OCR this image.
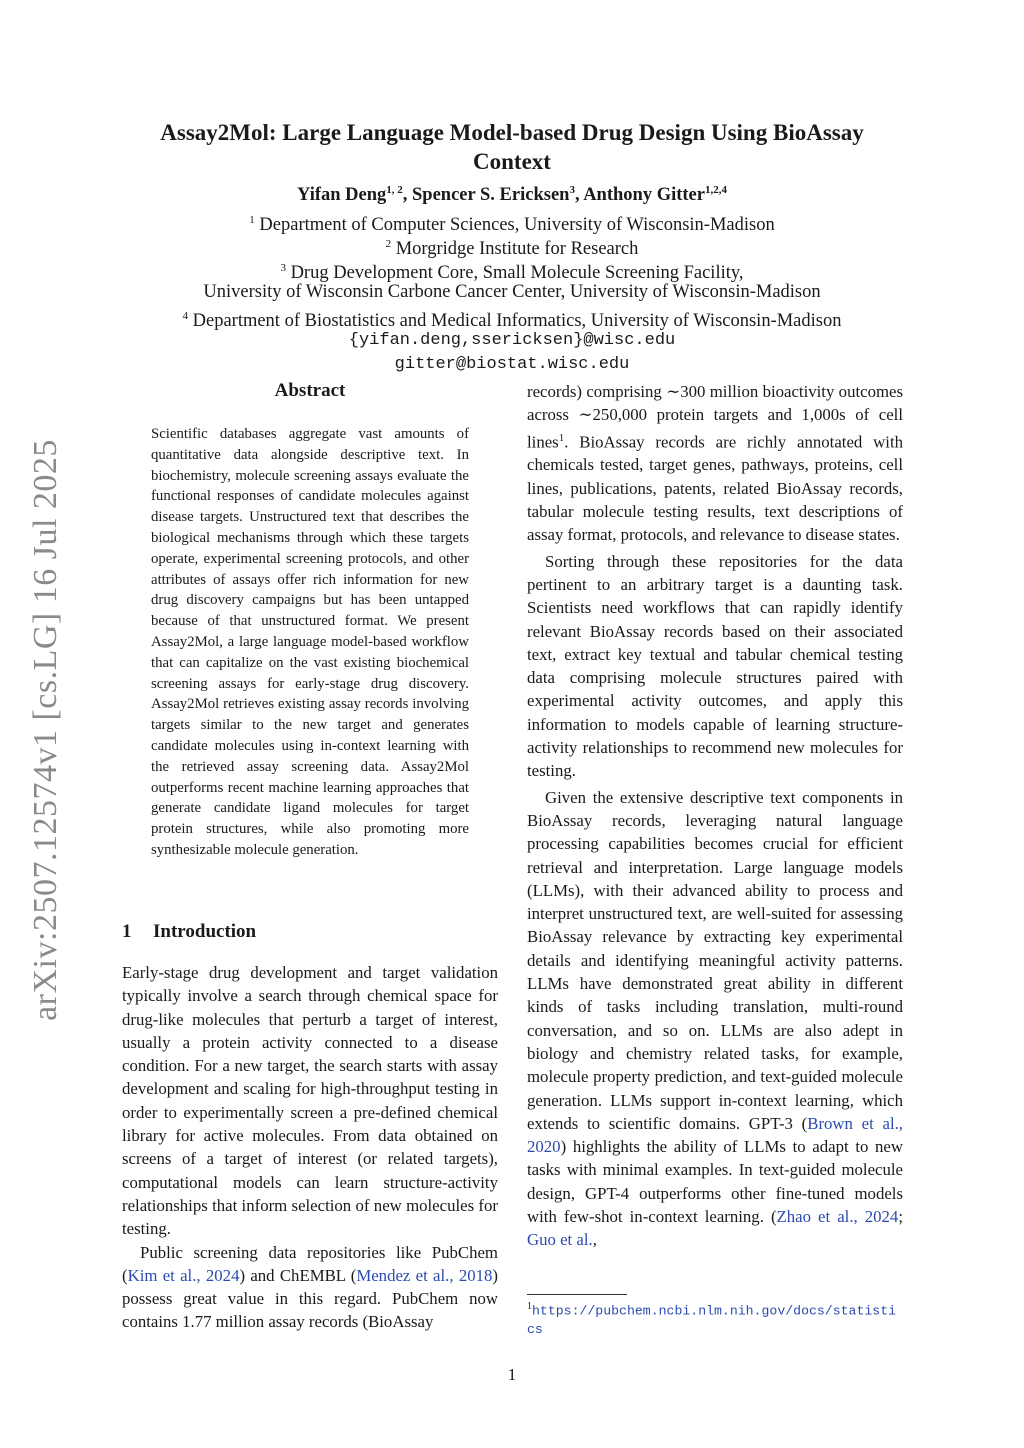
arXiv:2507.12574v1 [cs.LG] 16 Jul 2025
Assay2Mol: Large Language Model-based Drug Design Using BioAssay Context
Yifan Deng$^{1, 2}$, Spencer S. Ericksen$^3$, Anthony Gitter$^{1,2,4}$
$^1$ Department of Computer Sciences, University of Wisconsin-Madison
$^2$ Morgridge Institute for Research
$^3$ Drug Development Core, Small Molecule Screening Facility,
University of Wisconsin Carbone Cancer Center, University of Wisconsin-Madison
$^4$ Department of Biostatistics and Medical Informatics, University of Wisconsin-Madison
{yifan.deng,ssericksen}@wisc.edu
gitter@biostat.wisc.edu
Abstract
Scientific databases aggregate vast amounts of quantitative data alongside descriptive text. In biochemistry, molecule screening assays evaluate the functional responses of candidate molecules against disease targets. Unstructured text that describes the biological mechanisms through which these targets operate, experimental screening protocols, and other attributes of assays offer rich information for new drug discovery campaigns but has been untapped because of that unstructured format. We present Assay2Mol, a large language model-based workflow that can capitalize on the vast existing biochemical screening assays for early-stage drug discovery. Assay2Mol retrieves existing assay records involving targets similar to the new target and generates candidate molecules using in-context learning with the retrieved assay screening data. Assay2Mol outperforms recent machine learning approaches that generate candidate ligand molecules for target protein structures, while also promoting more synthesizable molecule generation.
1 Introduction

Early-stage drug development and target validation typically involve a search through chemical space for drug-like molecules that perturb a target of interest, usually a protein activity connected to a disease condition. For a new target, the search starts with assay development and scaling for high-throughput testing in order to experimentally screen a pre-defined chemical library for active molecules. From data obtained on screens of a target of interest (or related targets), computational models can learn structure-activity relationships that inform selection of new molecules for testing.

Public screening data repositories like PubChem (Kim et al., 2024) and ChEMBL (Mendez et al., 2018) possess great value in this regard. PubChem now contains 1.77 million assay records (BioAssay

records) comprising ∼300 million bioactivity outcomes across ∼250,000 protein targets and 1,000s of cell lines$^1$. BioAssay records are richly annotated with chemicals tested, target genes, pathways, proteins, cell lines, publications, patents, related BioAssay records, tabular molecule testing results, text descriptions of assay format, protocols, and relevance to disease states.

Sorting through these repositories for the data pertinent to an arbitrary target is a daunting task. Scientists need workflows that can rapidly identify relevant BioAssay records based on their associated text, extract key textual and tabular chemical testing data comprising molecule structures paired with experimental activity outcomes, and apply this information to models capable of learning structure-activity relationships to recommend new molecules for testing.

Given the extensive descriptive text components in BioAssay records, leveraging natural language processing capabilities becomes crucial for efficient retrieval and interpretation. Large language models (LLMs), with their advanced ability to process and interpret unstructured text, are well-suited for assessing BioAssay relevance by extracting key experimental details and identifying meaningful activity patterns. LLMs have demonstrated great ability in different kinds of tasks including translation, multi-round conversation, and so on. LLMs are also adept in biology and chemistry related tasks, for example, molecule property prediction, and text-guided molecule generation. LLMs support in-context learning, which extends to scientific domains. GPT-3 (Brown et al., 2020) highlights the ability of LLMs to adapt to new tasks with minimal examples. In text-guided molecule design, GPT-4 outperforms other fine-tuned models with few-shot in-context learning. (Zhao et al., 2024; Guo et al.,

$^1$https://pubchem.ncbi.nlm.nih.gov/docs/statistics
1
